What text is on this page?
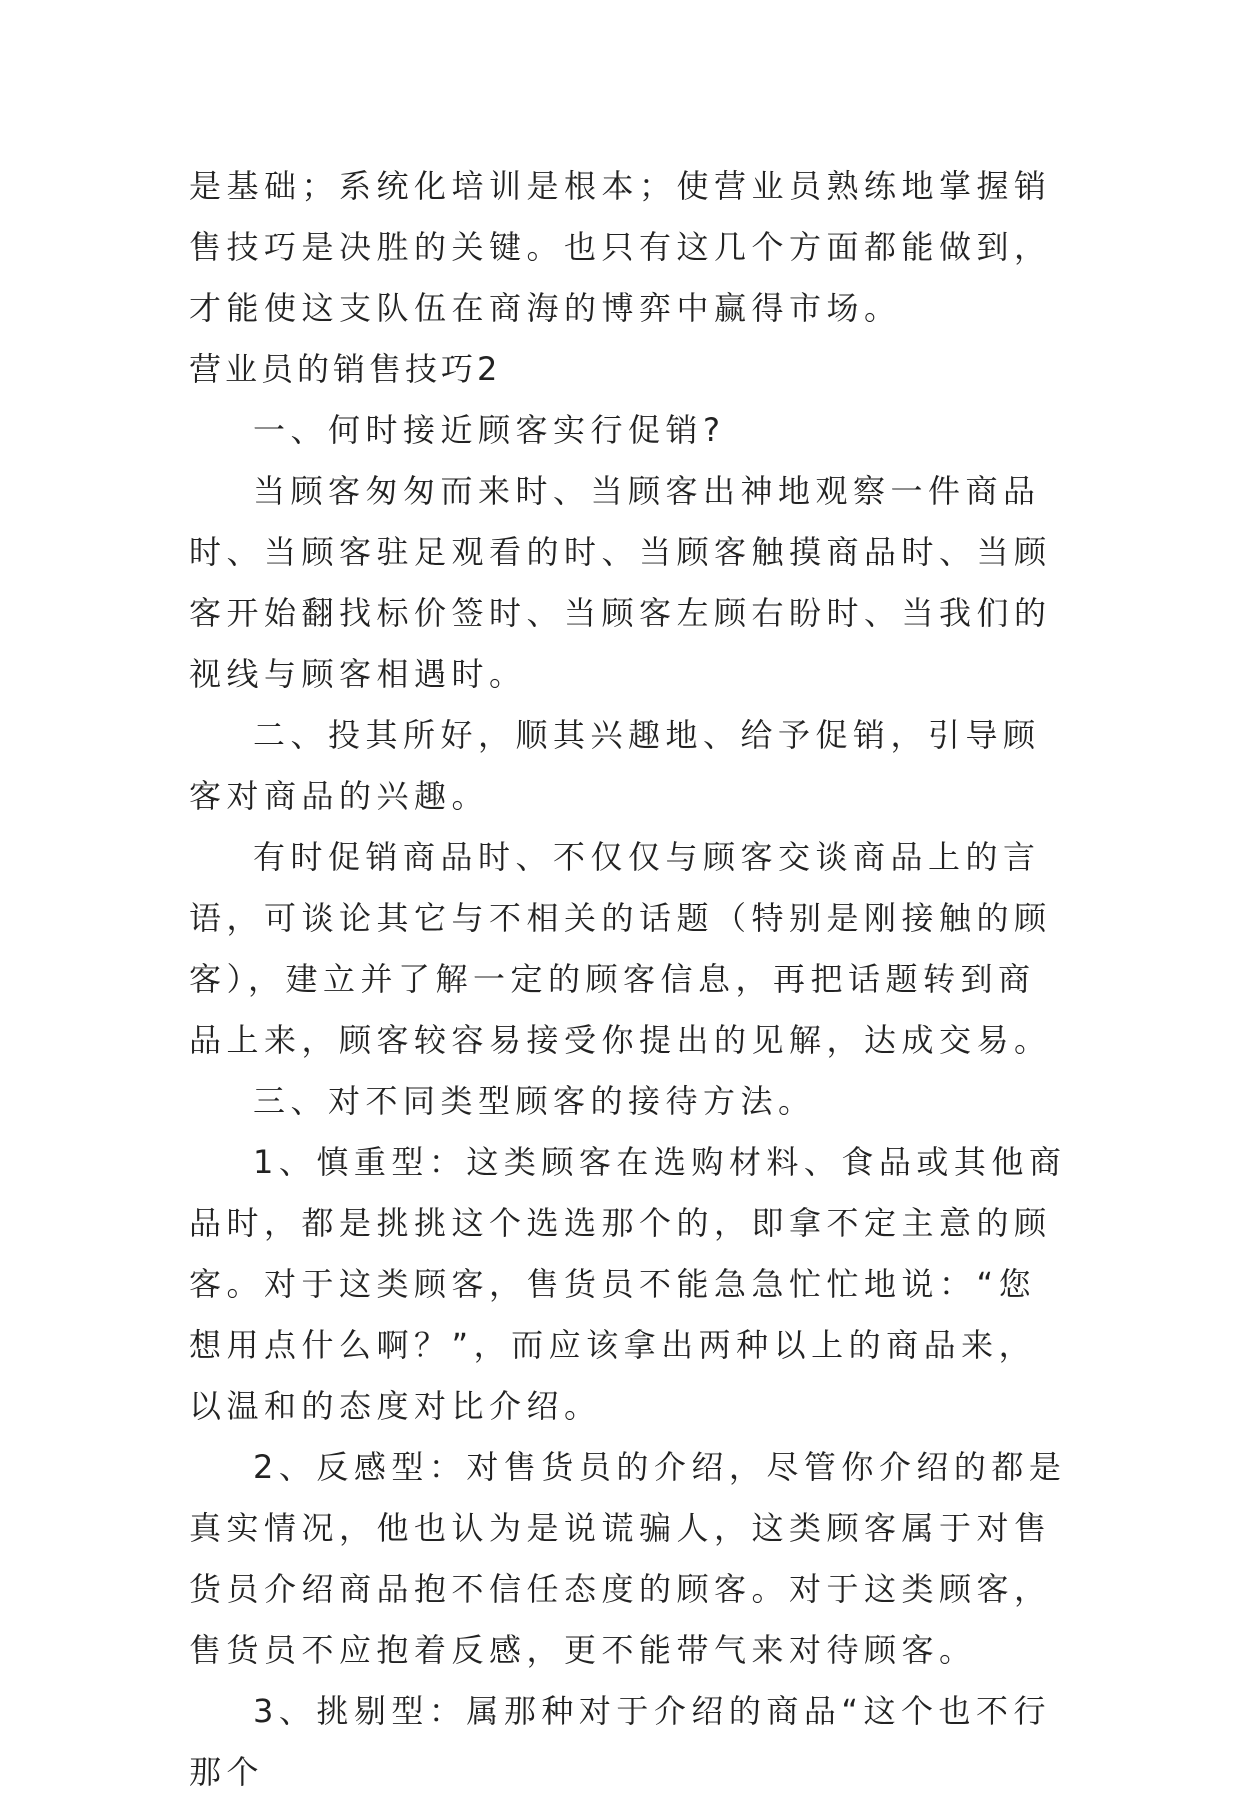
是基础；系统化培训是根本；使营业员熟练地掌握销售技巧是决胜的关键。也只有这几个方面都能做到，才能使这支队伍在商海的博弈中赢得市场。

营业员的销售技巧2

一、何时接近顾客实行促销?

当顾客匆匆而来时、当顾客出神地观察一件商品时、当顾客驻足观看的时、当顾客触摸商品时、当顾客开始翻找标价签时、当顾客左顾右盼时、当我们的视线与顾客相遇时。

二、投其所好，顺其兴趣地、给予促销，引导顾客对商品的兴趣。

有时促销商品时、不仅仅与顾客交谈商品上的言语，可谈论其它与不相关的话题（特别是刚接触的顾客），建立并了解一定的顾客信息，再把话题转到商品上来，顾客较容易接受你提出的见解，达成交易。

三、对不同类型顾客的接待方法。

1、慎重型：这类顾客在选购材料、食品或其他商品时，都是挑挑这个选选那个的，即拿不定主意的顾客。对于这类顾客，售货员不能急急忙忙地说：“您想用点什么啊？”，而应该拿出两种以上的商品来，以温和的态度对比介绍。

2、反感型：对售货员的介绍，尽管你介绍的都是真实情况，他也认为是说谎骗人，这类顾客属于对售货员介绍商品抱不信任态度的顾客。对于这类顾客，售货员不应抱着反感，更不能带气来对待顾客。

3、挑剔型：属那种对于介绍的商品“这个也不行那个
